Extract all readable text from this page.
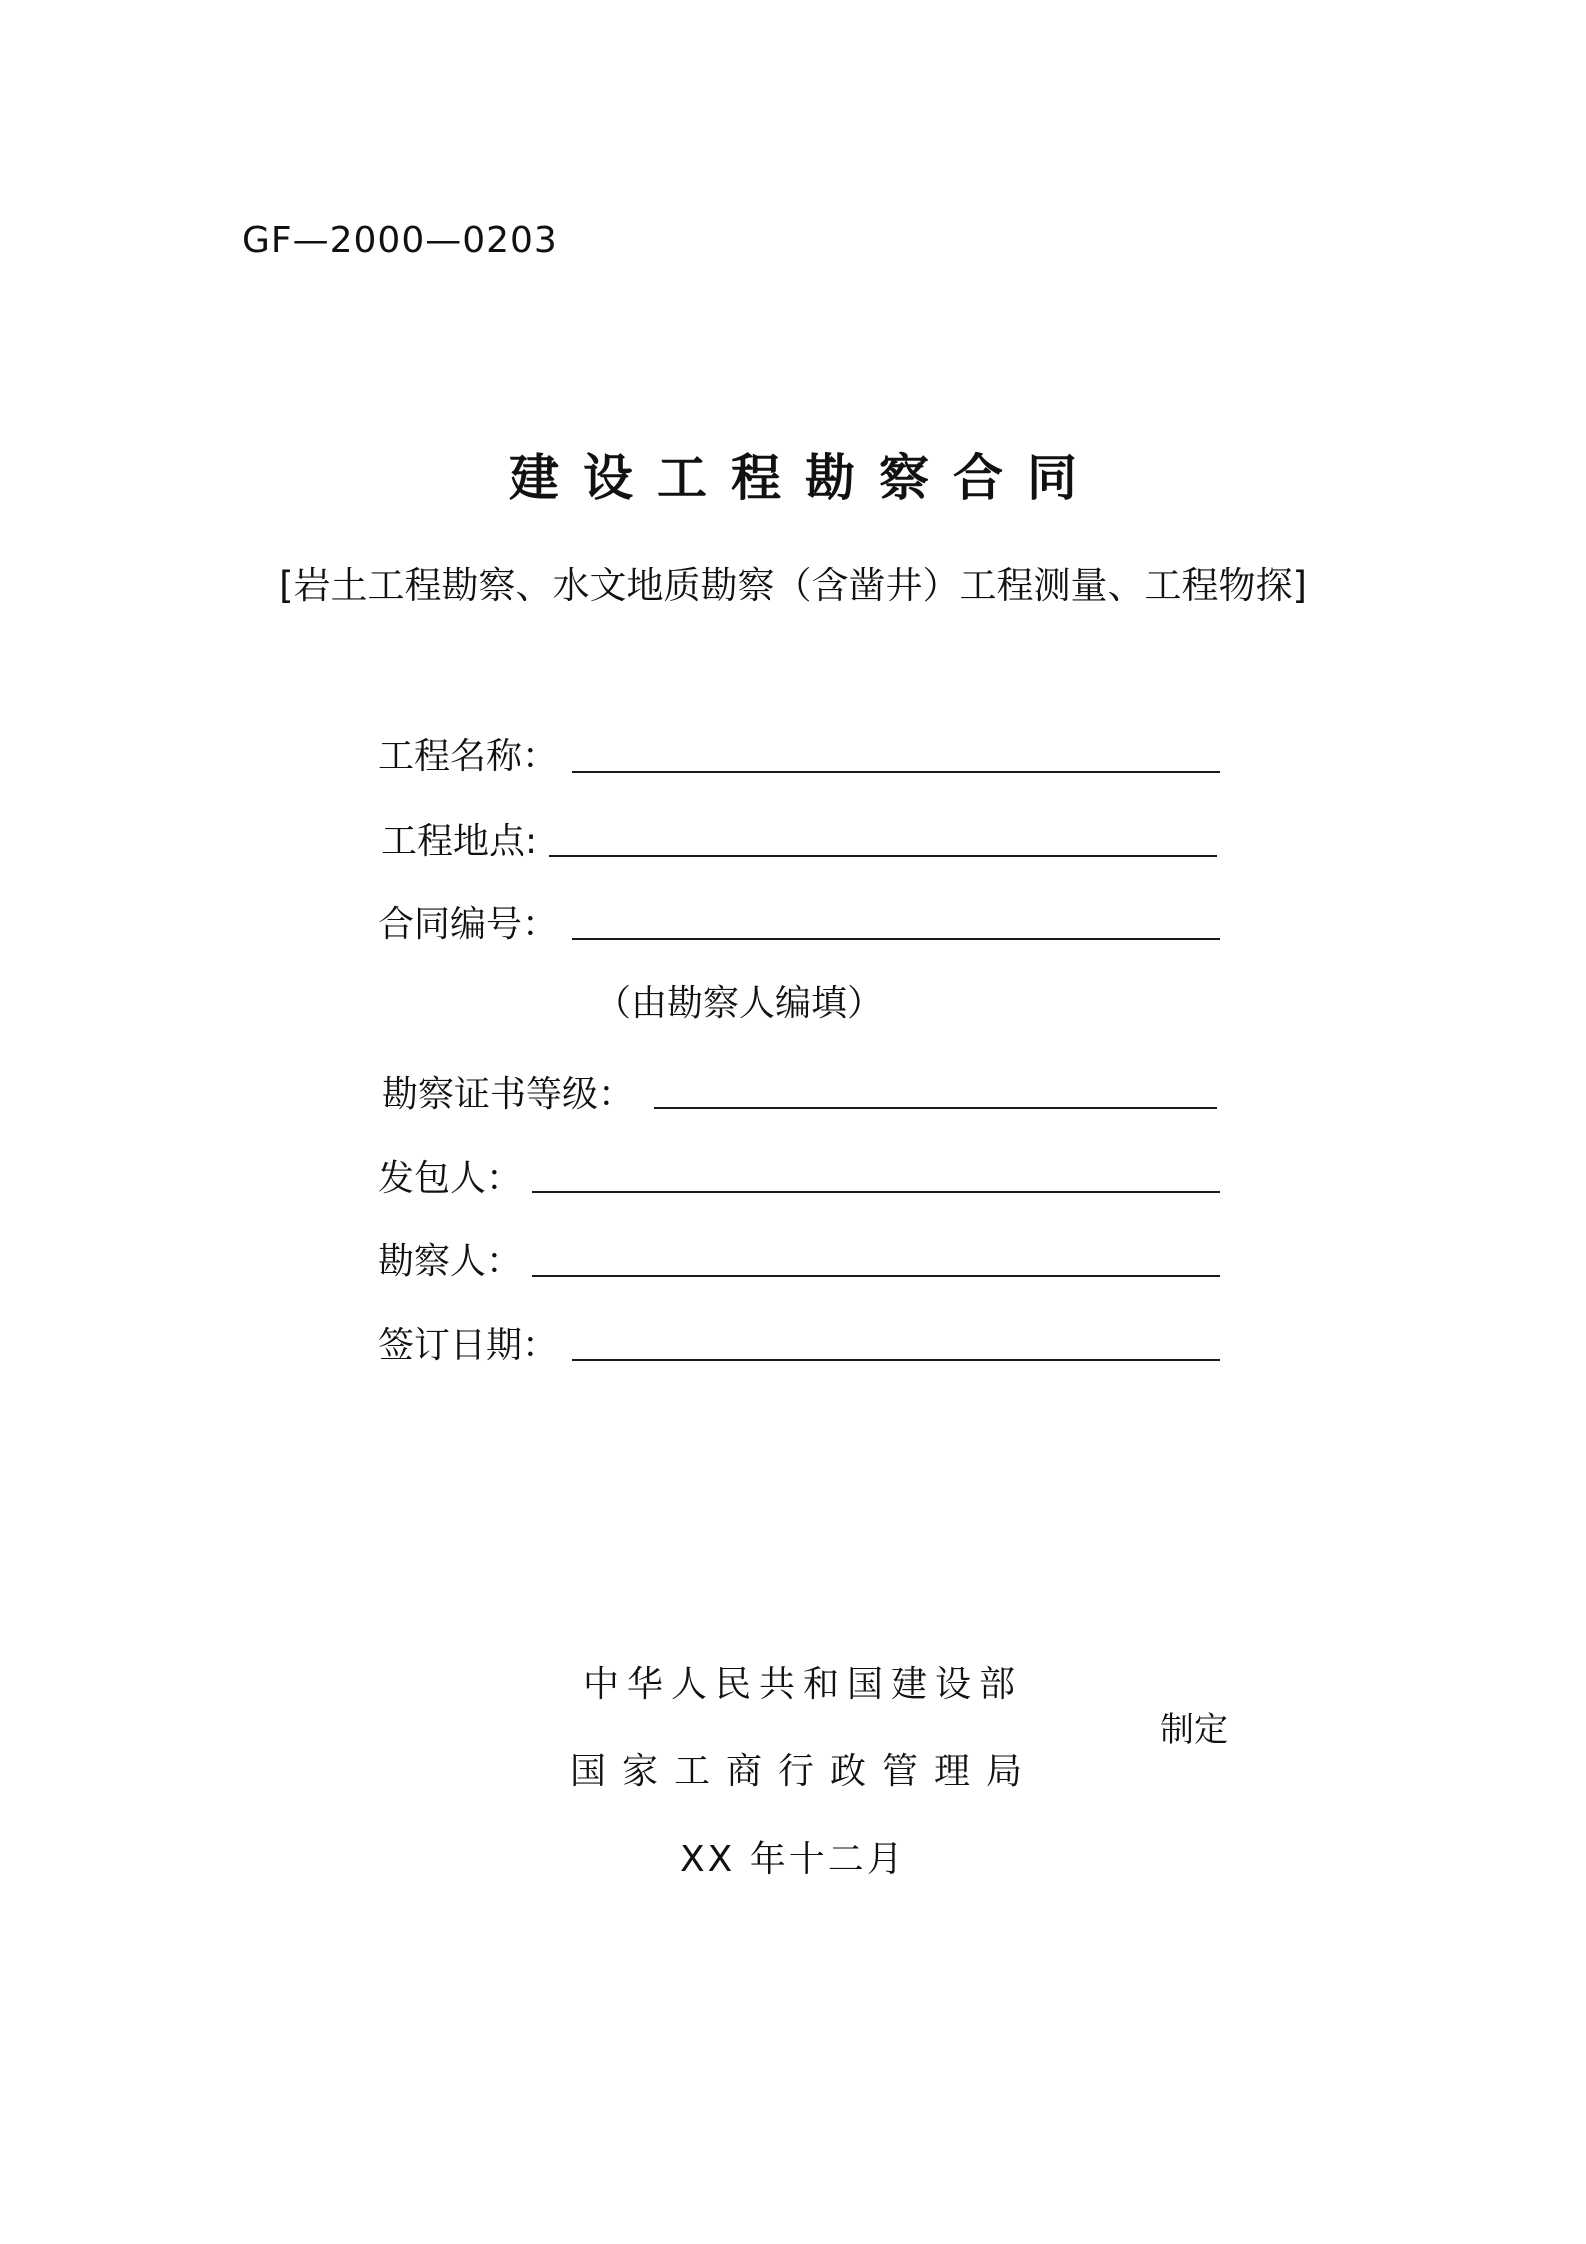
GF—2000—0203
建设工程勘察合同
[岩土工程勘察、水文地质勘察（含凿井）工程测量、工程物探]
工程名称：
工程地点:
合同编号：
（由勘察人编填）
勘察证书等级：
发包人：
勘察人：
签订日期：
中华人民共和国建设部
国家工商行政管理局
制定
XX 年十二月
